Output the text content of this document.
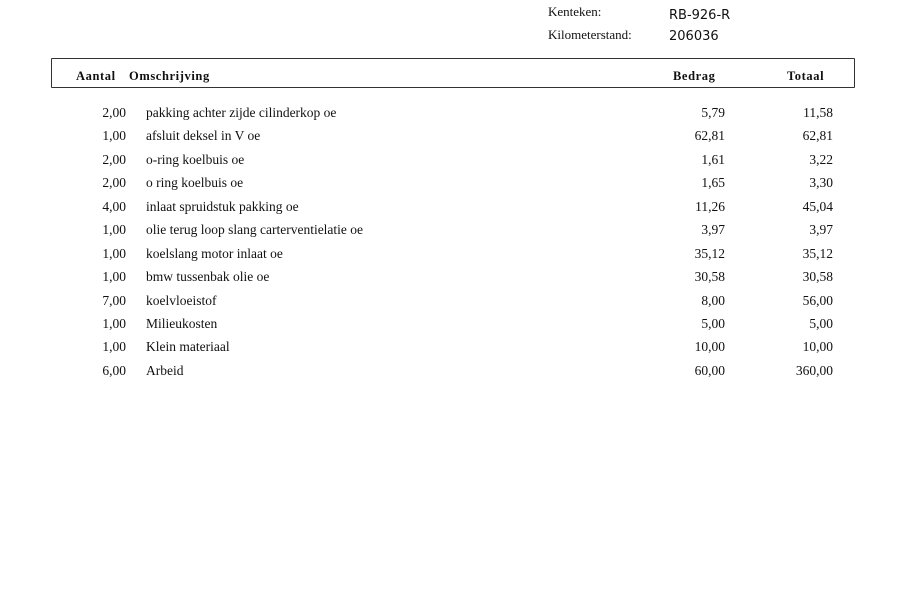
Kenteken:	RB-926-R
Kilometerstand:	206036
Aantal Omschrijving	Bedrag	Totaal
2,00 pakking achter zijde cilinderkop oe	5,79	11,58
1,00 afsluit deksel in V oe	62,81	62,81
2,00 o-ring koelbuis oe	1,61	3,22
2,00 o ring koelbuis oe	1,65	3,30
4,00 inlaat spruidstuk pakking oe	11,26	45,04
1,00 olie terug loop slang carterventielatie oe	3,97	3,97
1,00 koelslang motor inlaat oe	35,12	35,12
1,00 bmw tussenbak olie oe	30,58	30,58
7,00 koelvloeistof	8,00	56,00
1,00 Milieukosten	5,00	5,00
1,00 Klein materiaal	10,00	10,00
6,00 Arbeid	60,00	360,00
